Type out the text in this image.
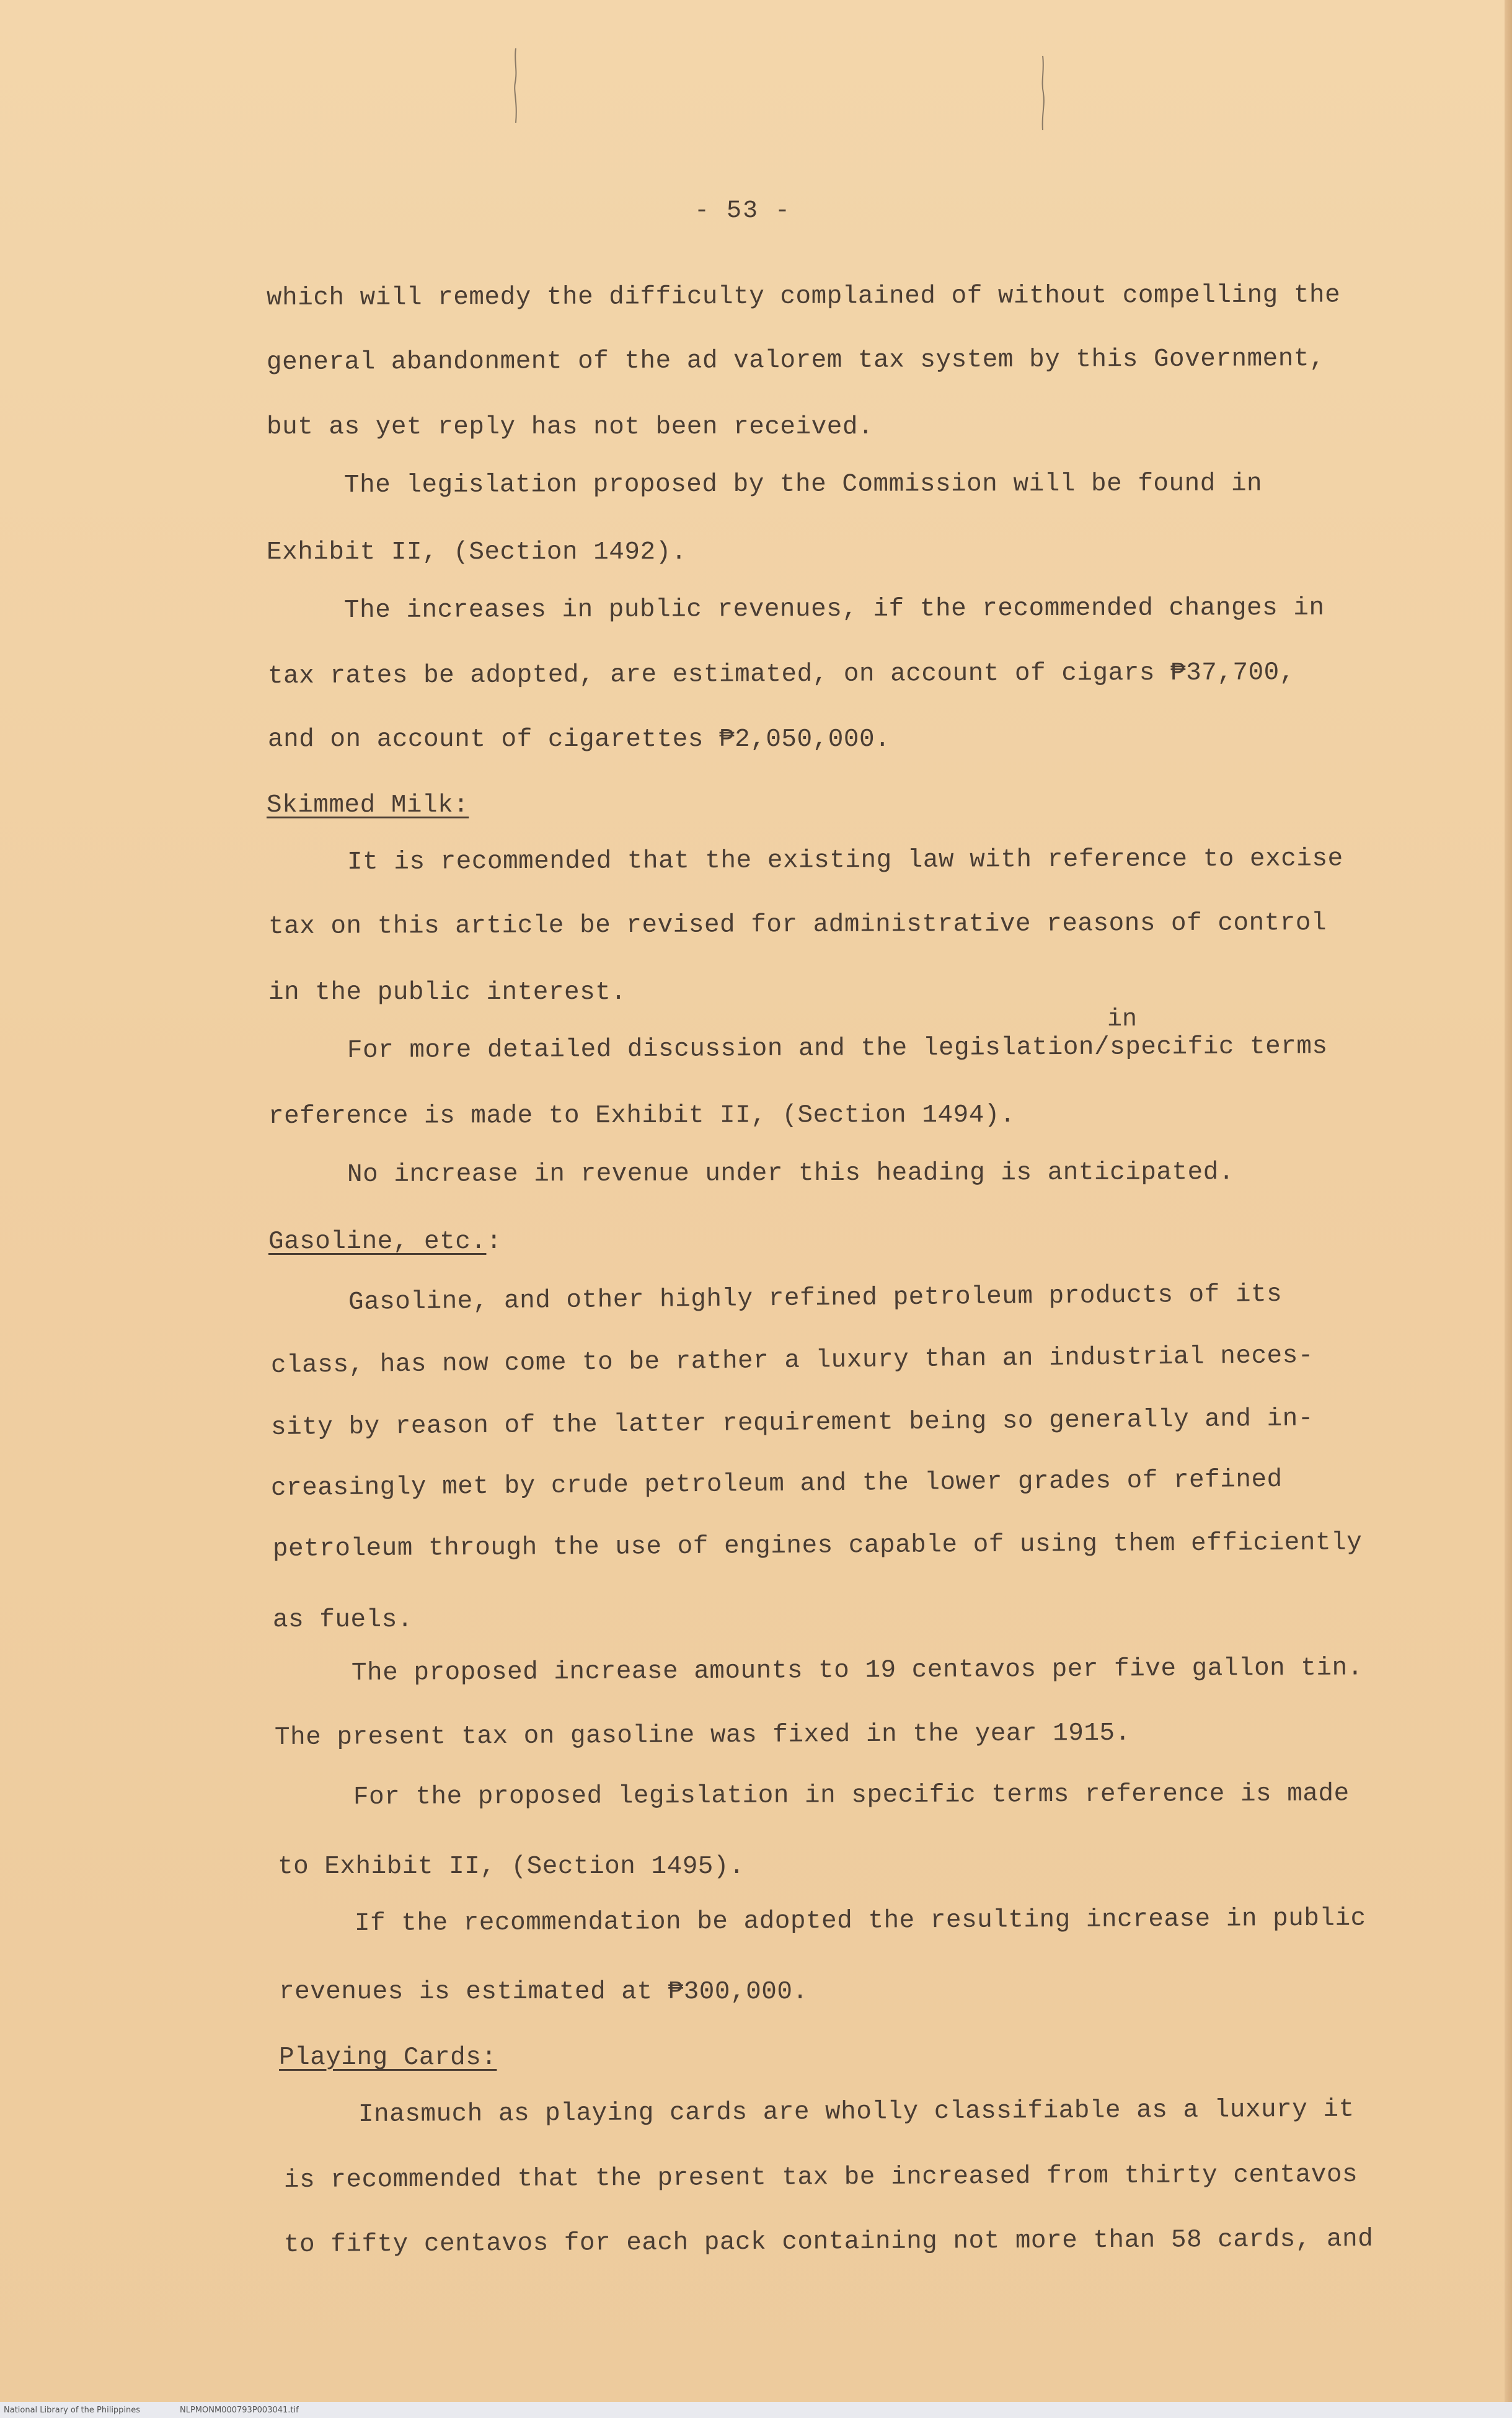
- 53 -
which will remedy the difficulty complained of without compelling the
general abandonment of the ad valorem tax system by this Government,
but as yet reply has not been received.
The legislation proposed by the Commission will be found in
Exhibit II, (Section 1492).
The increases in public revenues, if the recommended changes in
tax rates be adopted, are estimated, on account of cigars ₱37,700,
and on account of cigarettes ₱2,050,000.
Skimmed Milk:
It is recommended that the existing law with reference to excise
tax on this article be revised for administrative reasons of control
in the public interest.
in
For more detailed discussion and the legislation/specific terms
reference is made to Exhibit II, (Section 1494).
No increase in revenue under this heading is anticipated.
Gasoline, etc.:
Gasoline, and other highly refined petroleum products of its
class, has now come to be rather a luxury than an industrial neces-
sity by reason of the latter requirement being so generally and in-
creasingly met by crude petroleum and the lower grades of refined
petroleum through the use of engines capable of using them efficiently
as fuels.
The proposed increase amounts to 19 centavos per five gallon tin.
The present tax on gasoline was fixed in the year 1915.
For the proposed legislation in specific terms reference is made
to Exhibit II, (Section 1495).
If the recommendation be adopted the resulting increase in public
revenues is estimated at ₱300,000.
Playing Cards:
Inasmuch as playing cards are wholly classifiable as a luxury it
is recommended that the present tax be increased from thirty centavos
to fifty centavos for each pack containing not more than 58 cards, and
National Library of the Philippines	NLPMONM000793P003041.tif
